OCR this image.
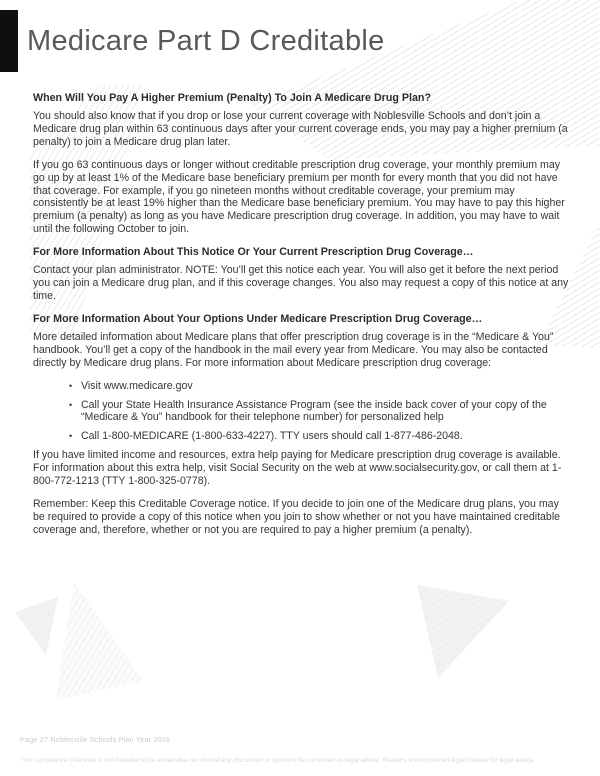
Medicare Part D Creditable
When Will You Pay A Higher Premium (Penalty) To Join A Medicare Drug Plan?

You should also know that if you drop or lose your current coverage with Noblesville Schools and don’t join a Medicare drug plan within 63 continuous days after your current coverage ends, you may pay a higher premium (a penalty) to join a Medicare drug plan later.

If you go 63 continuous days or longer without creditable prescription drug coverage, your monthly premium may go up by at least 1% of the Medicare base beneficiary premium per month for every month that you did not have that coverage. For example, if you go nineteen months without creditable coverage, your premium may consistently be at least 19% higher than the Medicare base beneficiary premium. You may have to pay this higher premium (a penalty) as long as you have Medicare prescription drug coverage. In addition, you may have to wait until the following October to join.

For More Information About This Notice Or Your Current Prescription Drug Coverage…

Contact your plan administrator. NOTE: You’ll get this notice each year. You will also get it before the next period you can join a Medicare drug plan, and if this coverage changes. You also may request a copy of this notice at any time.

For More Information About Your Options Under Medicare Prescription Drug Coverage…

More detailed information about Medicare plans that offer prescription drug coverage is in the “Medicare & You” handbook. You’ll get a copy of the handbook in the mail every year from Medicare. You may also be contacted directly by Medicare drug plans. For more information about Medicare prescription drug coverage:

• Visit www.medicare.gov
• Call your State Health Insurance Assistance Program (see the inside back cover of your copy of the “Medicare & You” handbook for their telephone number) for personalized help
• Call 1-800-MEDICARE (1-800-633-4227). TTY users should call 1-877-486-2048.

If you have limited income and resources, extra help paying for Medicare prescription drug coverage is available. For information about this extra help, visit Social Security on the web at www.socialsecurity.gov, or call them at 1-800-772-1213 (TTY 1-800-325-0778).

Remember: Keep this Creditable Coverage notice. If you decide to join one of the Medicare drug plans, you may be required to provide a copy of this notice when you join to show whether or not you have maintained creditable coverage and, therefore, whether or not you are required to pay a higher premium (a penalty).

Page 27 Noblesville Schools Plan Year 2026
This Compliance Overview is not intended to be exhaustive nor should any discussion or opinions be construed as legal advice. Readers should contact legal counsel for legal advice.
